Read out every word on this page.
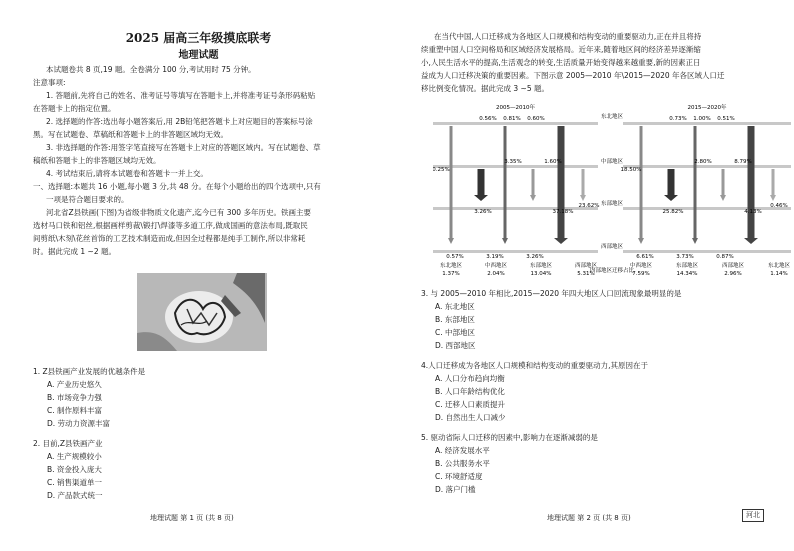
2025 届高三年级摸底联考
地理试题
本试题卷共 8 页,19 题。全卷满分 100 分,考试用时 75 分钟。
注意事项:
1. 答题前,先将自己的姓名、准考证号等填写在答题卡上,并将准考证号条形码粘贴
在答题卡上的指定位置。
2. 选择题的作答:选出每小题答案后,用 2B铅笔把答题卡上对应题目的答案标号涂
黑。写在试题卷、草稿纸和答题卡上的非答题区域均无效。
3. 非选择题的作答:用签字笔直接写在答题卡上对应的答题区域内。写在试题卷、草
稿纸和答题卡上的非答题区域均无效。
4. 考试结束后,请将本试题卷和答题卡一并上交。
一、选择题:本题共 16 小题,每小题 3 分,共 48 分。在每个小题给出的四个选项中,只有
一项是符合题目要求的。
河北省Z县铁画(下图)为省级非物质文化遗产,迄今已有 300 多年历史。铁画主要
选材马口铁和铝丝,根据画样剪裁\锻打\焊漆等多道工序,做成国画的意法布局,既取民
间剪纸\木刻\花丝首饰的工艺技术制造而成,但因全过程都是纯手工制作,所以非常耗
时。据此完成 1 ~2 题。
1. Z县铁画产业发展的优越条件是
A. 产业历史悠久
B. 市场竞争力强
C. 制作原料丰富
D. 劳动力资源丰富
2. 目前,Z县铁画产业
A. 生产规模较小
B. 资金投入庞大
C. 销售渠道单一
D. 产品款式统一
地理试题 第 1 页 (共 8 页)
在当代中国,人口迁移成为各地区人口规模和结构变动的重要驱动力,正在并且将持
续重塑中国人口空间格局和区域经济发展格局。近年来,随着地区间的经济差异逐渐缩
小,人民生活水平的提高,生活观念的转变,生活质量开始变得越来越重要,新的因素正日
益成为人口迁移决策的重要因素。下图示意 2005—2010 年\2015—2020 年各区域人口迁
移比例变化情况。据此完成 3 ~5 题。
3. 与 2005—2010 年相比,2015—2020 年四大地区人口回流现象最明显的是
A. 东北地区
B. 东部地区
C. 中部地区
D. 西部地区
4.人口迁移成为各地区人口规模和结构变动的重要驱动力,其原因在于
A. 人口分布趋向均衡
B. 人口年龄结构优化
C. 迁移人口素质提升
D. 自然出生人口减少
5. 驱动省际人口迁移的因素中,影响力在逐渐减弱的是
A. 经济发展水平
B. 公共服务水平
C. 环境舒适度
D. 落户门槛
地理试题 第 2 页 (共 8 页)	河北
东北地区
中部地区
东部地区
西部地区
2005—2010年
0.56% 0.81% 0.60%
3.35%	1.60%
0.25%
3.26%	37.18%
23.62%
0.57%	3.19%	3.26%
东北地区
1.37%
中西地区
2.04%
东部地区
13.04%
西部地区
5.31%
2015—2020年
0.73% 1.00% 0.51%
2.80%	8.79%
18.50%
25.82%	4.13%
0.46%
6.61%	3.73%	0.87%
中西地区
7.59%
东部地区
14.34%
西部地区
2.96%
东北地区
1.14%
内部地区迁移占比
